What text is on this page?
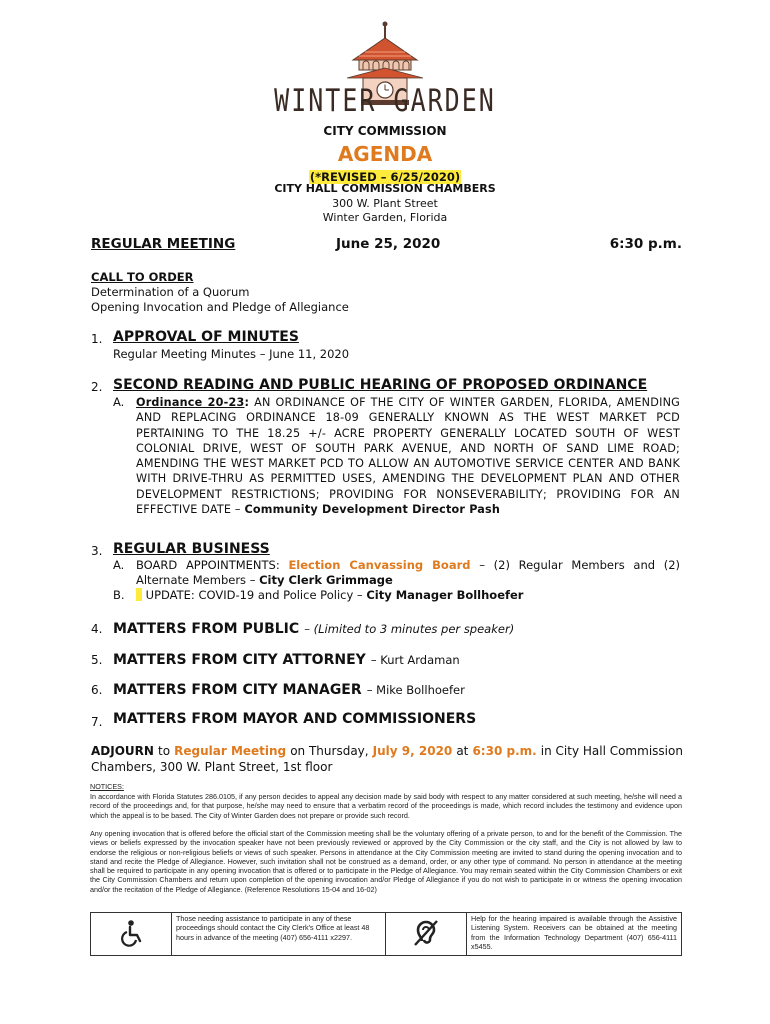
WINTER GARDEN
CITY COMMISSION
AGENDA
(*REVISED – 6/25/2020)
CITY HALL COMMISSION CHAMBERS
300 W. Plant Street
Winter Garden, Florida
REGULAR MEETING	June 25, 2020	6:30 p.m.
CALL TO ORDER
Determination of a Quorum
Opening Invocation and Pledge of Allegiance
1. APPROVAL OF MINUTES
Regular Meeting Minutes – June 11, 2020
2. SECOND READING AND PUBLIC HEARING OF PROPOSED ORDINANCE
A. Ordinance 20-23: AN ORDINANCE OF THE CITY OF WINTER GARDEN, FLORIDA, AMENDING AND REPLACING ORDINANCE 18-09 GENERALLY KNOWN AS THE WEST MARKET PCD PERTAINING TO THE 18.25 +/- ACRE PROPERTY GENERALLY LOCATED SOUTH OF WEST COLONIAL DRIVE, WEST OF SOUTH PARK AVENUE, AND NORTH OF SAND LIME ROAD; AMENDING THE WEST MARKET PCD TO ALLOW AN AUTOMOTIVE SERVICE CENTER AND BANK WITH DRIVE-THRU AS PERMITTED USES, AMENDING THE DEVELOPMENT PLAN AND OTHER DEVELOPMENT RESTRICTIONS; PROVIDING FOR NONSEVERABILITY; PROVIDING FOR AN EFFECTIVE DATE – Community Development Director Pash
3. REGULAR BUSINESS
A. BOARD APPOINTMENTS: Election Canvassing Board – (2) Regular Members and (2) Alternate Members – City Clerk Grimmage
B.	UPDATE: COVID-19 and Police Policy – City Manager Bollhoefer
4. MATTERS FROM PUBLIC – (Limited to 3 minutes per speaker)
5. MATTERS FROM CITY ATTORNEY – Kurt Ardaman
6. MATTERS FROM CITY MANAGER – Mike Bollhoefer
7. MATTERS FROM MAYOR AND COMMISSIONERS
ADJOURN to Regular Meeting on Thursday, July 9, 2020 at 6:30 p.m. in City Hall Commission
Chambers, 300 W. Plant Street, 1st floor
NOTICES:
In accordance with Florida Statutes 286.0105, if any person decides to appeal any decision made by said body with respect to any matter considered at such meeting, he/she will need a record of the proceedings and, for that purpose, he/she may need to ensure that a verbatim record of the proceedings is made, which record includes the testimony and evidence upon which the appeal is to be based. The City of Winter Garden does not prepare or provide such record.
Any opening invocation that is offered before the official start of the Commission meeting shall be the voluntary offering of a private person, to and for the benefit of the Commission. The views or beliefs expressed by the invocation speaker have not been previously reviewed or approved by the City Commission or the city staff, and the City is not allowed by law to endorse the religious or non-religious beliefs or views of such speaker. Persons in attendance at the City Commission meeting are invited to stand during the opening invocation and to stand and recite the Pledge of Allegiance. However, such invitation shall not be construed as a demand, order, or any other type of command. No person in attendance at the meeting shall be required to participate in any opening invocation that is offered or to participate in the Pledge of Allegiance. You may remain seated within the City Commission Chambers or exit the City Commission Chambers and return upon completion of the opening invocation and/or Pledge of Allegiance if you do not wish to participate in or witness the opening invocation and/or the recitation of the Pledge of Allegiance. (Reference Resolutions 15-04 and 16-02)
	Those needing assistance to participate in any of these proceedings should contact the City Clerk's Office at least 48 hours in advance of the meeting (407) 656-4111 x2297.		Help for the hearing impaired is available through the Assistive Listening System. Receivers can be obtained at the meeting from the Information Technology Department (407) 656-4111 x5455.
